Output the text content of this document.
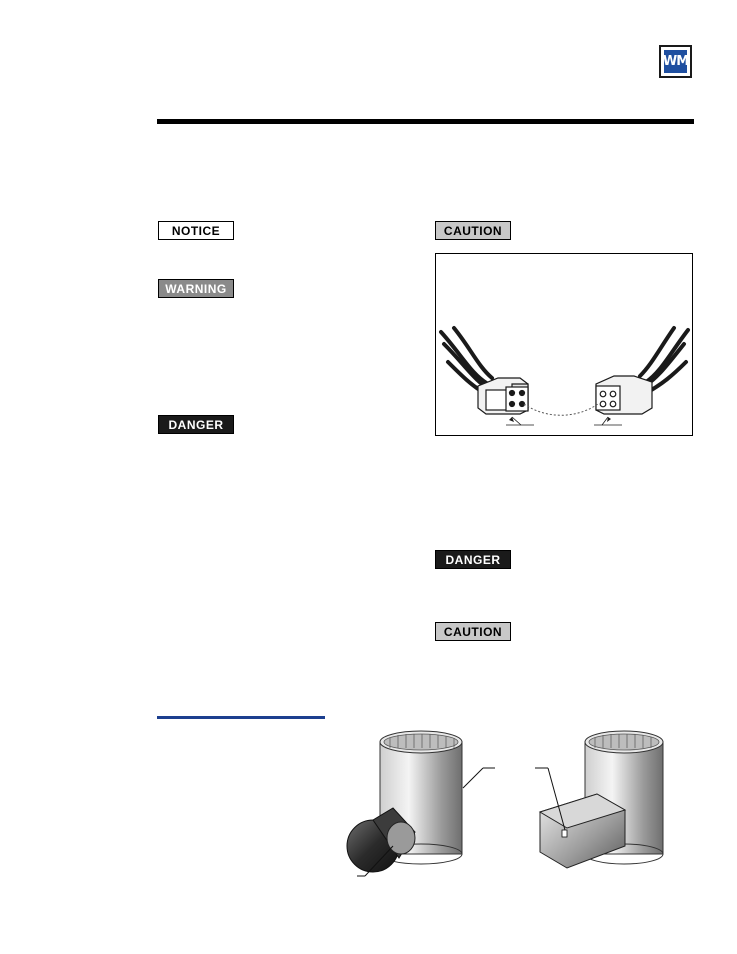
WM
NOTICE
WARNING
DANGER
CAUTION
DANGER
CAUTION
